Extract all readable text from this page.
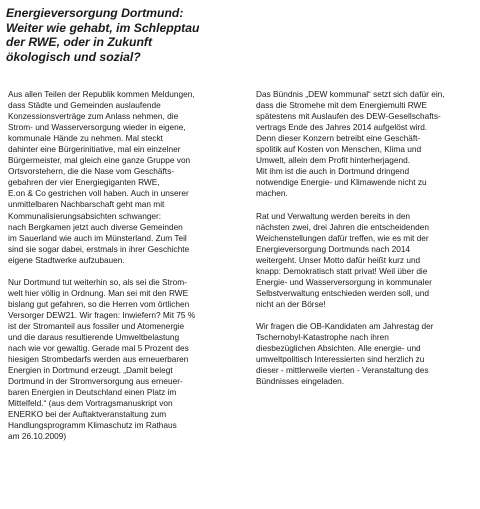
Energieversorgung Dortmund:
Weiter wie gehabt, im Schlepptau
der RWE, oder in Zukunft
ökologisch und sozial?

Aus allen Teilen der Republik kommen Meldungen,
dass Städte und Gemeinden auslaufende
Konzessionsverträge zum Anlass nehmen, die
Strom- und Wasserversorgung wieder in eigene,
kommunale Hände zu nehmen. Mal steckt
dahinter eine Bürgerinitiative, mal ein einzelner
Bürgermeister, mal gleich eine ganze Gruppe von
Ortsvorstehern, die die Nase vom Geschäfts-
gebahren der vier Energiegiganten RWE,
E.on & Co gestrichen voll haben. Auch in unserer
unmittelbaren Nachbarschaft geht man mit
Kommunalisierungsabsichten schwanger:
nach Bergkamen jetzt auch diverse Gemeinden
im Sauerland wie auch im Münsterland. Zum Teil
sind sie sogar dabei, erstmals in ihrer Geschichte
eigene Stadtwerke aufzubauen.

Nur Dortmund tut weiterhin so, als sei die Strom-
welt hier völlig in Ordnung. Man sei mit den RWE
bislang gut gefahren, so die Herren vom örtlichen
Versorger DEW21. Wir fragen: Inwiefern? Mit 75 %
ist der Stromanteil aus fossiler und Atomenergie
und die daraus resultierende Umweltbelastung
nach wie vor gewaltig. Gerade mal 5 Prozent des
hiesigen Strombedarfs werden aus erneuerbaren
Energien in Dortmund erzeugt. „Damit belegt
Dortmund in der Stromversorgung aus erneuer-
baren Energien in Deutschland einen Platz im
Mittelfeld.“ (aus dem Vortragsmanuskript von
ENERKO bei der Auftaktveranstaltung zum
Handlungsprogramm Klimaschutz im Rathaus
am 26.10.2009)

Das Bündnis „DEW kommunal“ setzt sich dafür ein,
dass die Stromehe mit dem Energiemulti RWE
spätestens mit Auslaufen des DEW-Gesellschafts-
vertrags Ende des Jahres 2014 aufgelöst wird.
Denn dieser Konzern betreibt eine Geschäft-
spolitik auf Kosten von Menschen, Klima und
Umwelt, allein dem Profit hinterherjagend.
Mit ihm ist die auch in Dortmund dringend
notwendige Energie- und Klimawende nicht zu
machen.

Rat und Verwaltung werden bereits in den
nächsten zwei, drei Jahren die entscheidenden
Weichenstellungen dafür treffen, wie es mit der
Energieversorgung Dortmunds nach 2014
weitergeht. Unser Motto dafür heißt kurz und
knapp: Demokratisch statt privat! Weil über die
Energie- und Wasserversorgung in kommunaler
Selbstverwaltung entschieden werden soll, und
nicht an der Börse!

Wir fragen die OB-Kandidaten am Jahrestag der
Tschernobyl-Katastrophe nach ihren
diesbezüglichen Absichten. Alle energie- und
umweltpolitisch Interessierten sind herzlich zu
dieser - mittlerweile vierten - Veranstaltung des
Bündnisses eingeladen.
